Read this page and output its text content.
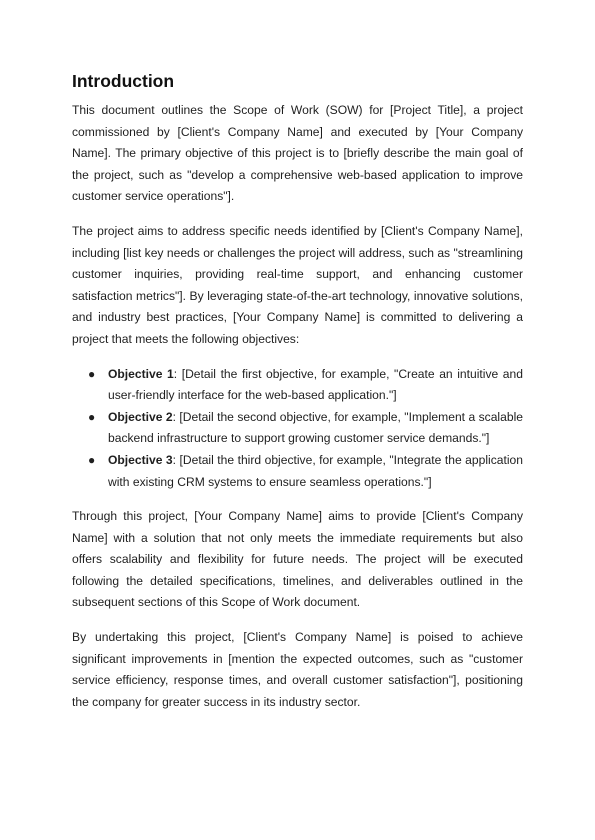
Introduction

This document outlines the Scope of Work (SOW) for [Project Title], a project commissioned by [Client's Company Name] and executed by [Your Company Name]. The primary objective of this project is to [briefly describe the main goal of the project, such as "develop a comprehensive web-based application to improve customer service operations"].

The project aims to address specific needs identified by [Client's Company Name], including [list key needs or challenges the project will address, such as "streamlining customer inquiries, providing real-time support, and enhancing customer satisfaction metrics"]. By leveraging state-of-the-art technology, innovative solutions, and industry best practices, [Your Company Name] is committed to delivering a project that meets the following objectives:

● Objective 1: [Detail the first objective, for example, "Create an intuitive and user-friendly interface for the web-based application."]
● Objective 2: [Detail the second objective, for example, "Implement a scalable backend infrastructure to support growing customer service demands."]
● Objective 3: [Detail the third objective, for example, "Integrate the application with existing CRM systems to ensure seamless operations."]

Through this project, [Your Company Name] aims to provide [Client's Company Name] with a solution that not only meets the immediate requirements but also offers scalability and flexibility for future needs. The project will be executed following the detailed specifications, timelines, and deliverables outlined in the subsequent sections of this Scope of Work document.

By undertaking this project, [Client's Company Name] is poised to achieve significant improvements in [mention the expected outcomes, such as "customer service efficiency, response times, and overall customer satisfaction"], positioning the company for greater success in its industry sector.
